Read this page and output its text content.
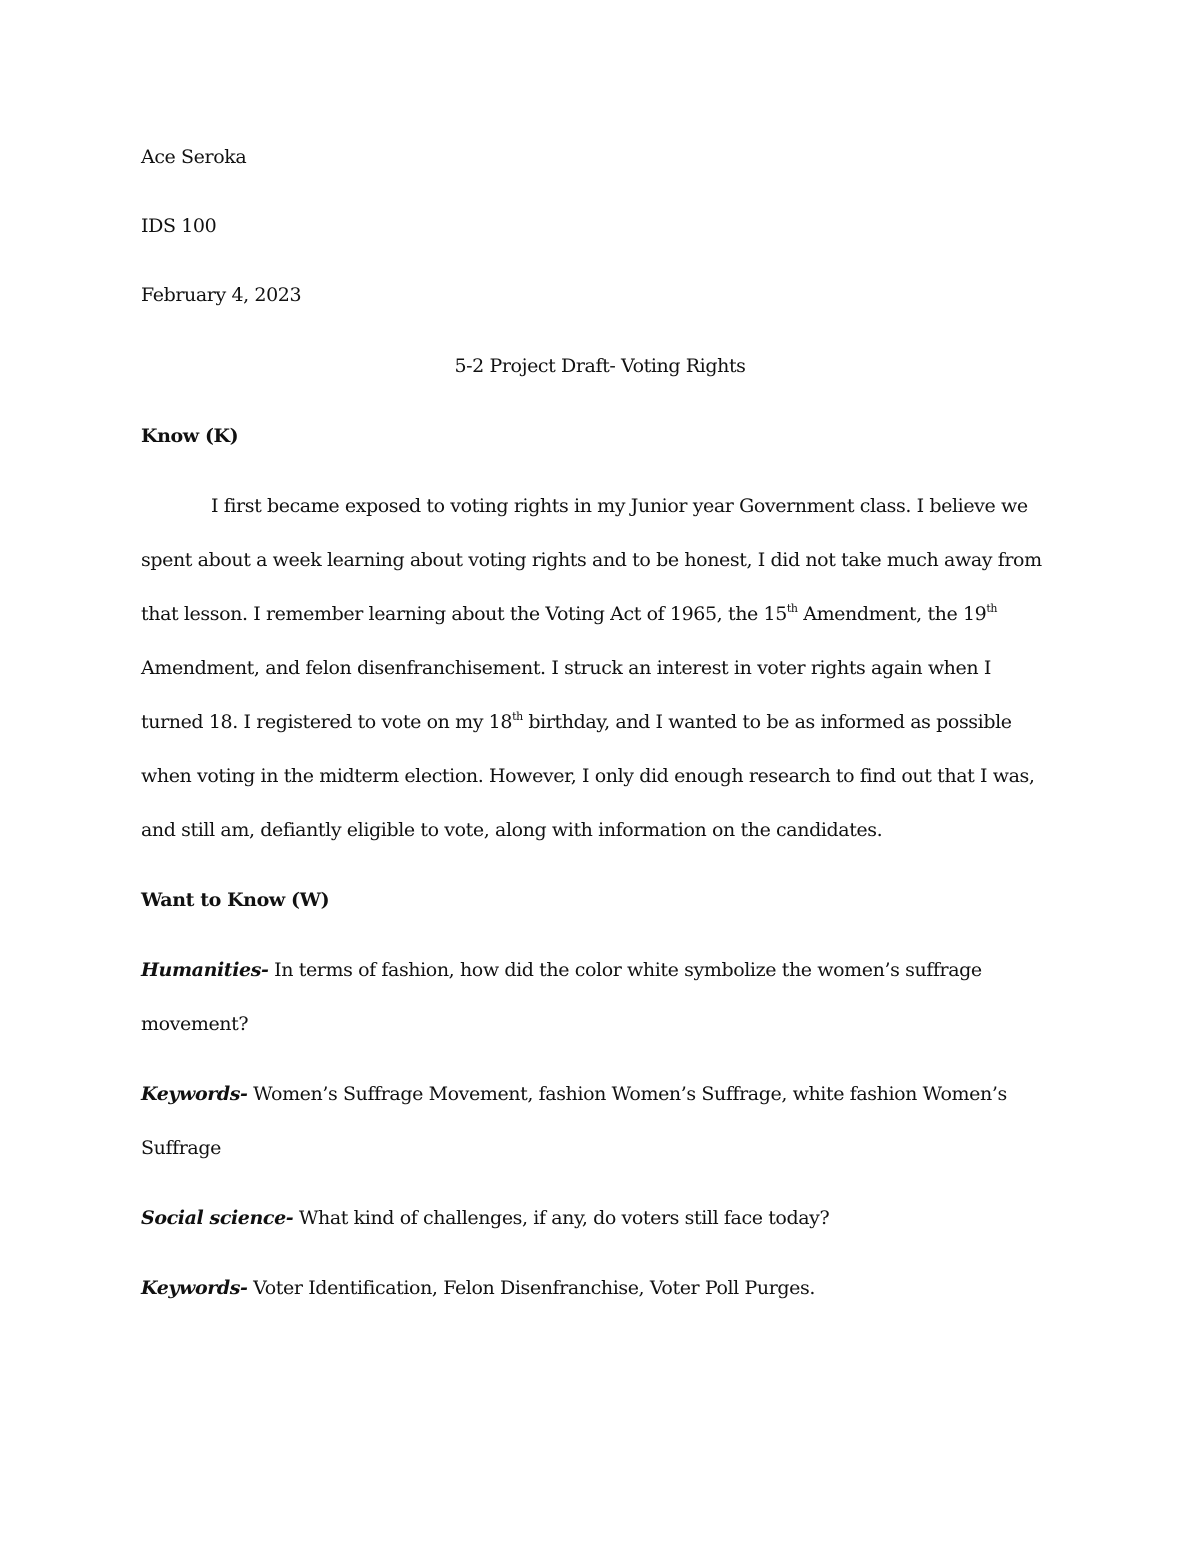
Ace Seroka
IDS 100
February 4, 2023
5-2 Project Draft- Voting Rights
Know (K)
I first became exposed to voting rights in my Junior year Government class. I believe we
spent about a week learning about voting rights and to be honest, I did not take much away from
that lesson. I remember learning about the Voting Act of 1965, the 15th Amendment, the 19th
Amendment, and felon disenfranchisement. I struck an interest in voter rights again when I
turned 18. I registered to vote on my 18th birthday, and I wanted to be as informed as possible
when voting in the midterm election. However, I only did enough research to find out that I was,
and still am, defiantly eligible to vote, along with information on the candidates.
Want to Know (W)
Humanities- In terms of fashion, how did the color white symbolize the women’s suffrage
movement?
Keywords- Women’s Suffrage Movement, fashion Women’s Suffrage, white fashion Women’s
Suffrage
Social science- What kind of challenges, if any, do voters still face today?
Keywords- Voter Identification, Felon Disenfranchise, Voter Poll Purges.
